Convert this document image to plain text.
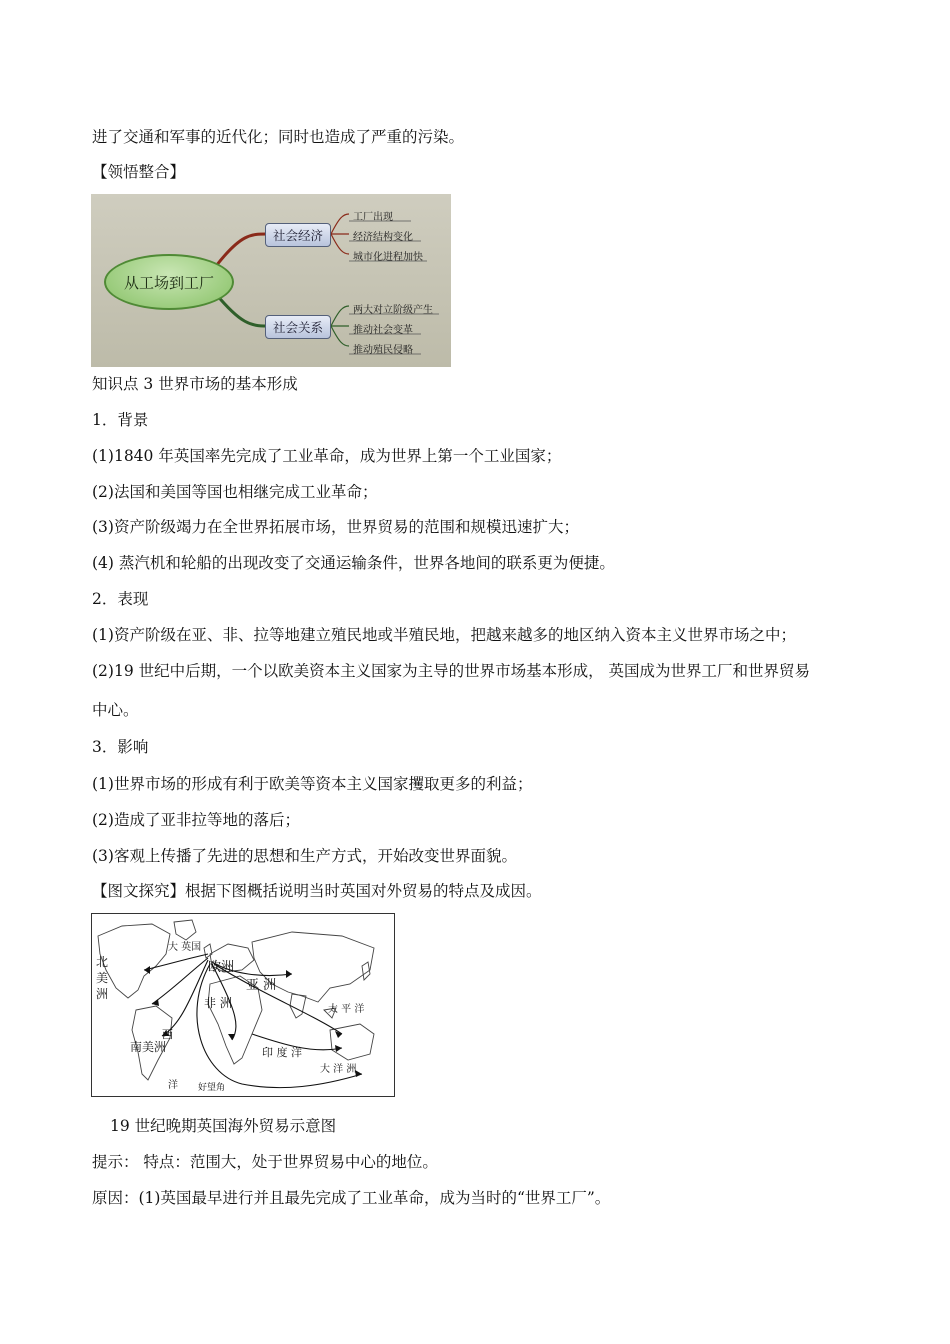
进了交通和军事的近代化；同时也造成了严重的污染。
【领悟整合】
从工场到工厂
社会经济
社会关系
工厂出现
经济结构变化
城市化进程加快
两大对立阶级产生
推动社会变革
推动殖民侵略
知识点 3 世界市场的基本形成
1．背景
(1)1840 年英国率先完成了工业革命，成为世界上第一个工业国家；
(2)法国和美国等国也相继完成工业革命；
(3)资产阶级竭力在全世界拓展市场，世界贸易的范围和规模迅速扩大；
(4) 蒸汽机和轮船的出现改变了交通运输条件，世界各地间的联系更为便捷。
2．表现
(1)资产阶级在亚、非、拉等地建立殖民地或半殖民地，把越来越多的地区纳入资本主义世界市场之中；
(2)19 世纪中后期，一个以欧美资本主义国家为主导的世界市场基本形成， 英国成为世界工厂和世界贸易
中心。
3．影响
(1)世界市场的形成有利于欧美等资本主义国家攫取更多的利益；
(2)造成了亚非拉等地的落后；
(3)客观上传播了先进的思想和生产方式，开始改变世界面貌。
【图文探究】根据下图概括说明当时英国对外贸易的特点及成因。
北美洲
大 英国
欧洲
亚 洲
非 洲
西
南美洲
太 平 洋
印 度 洋
洋
大 洋 洲
好望角
19 世纪晚期英国海外贸易示意图
提示： 特点：范围大，处于世界贸易中心的地位。
原因：(1)英国最早进行并且最先完成了工业革命，成为当时的“世界工厂”。
